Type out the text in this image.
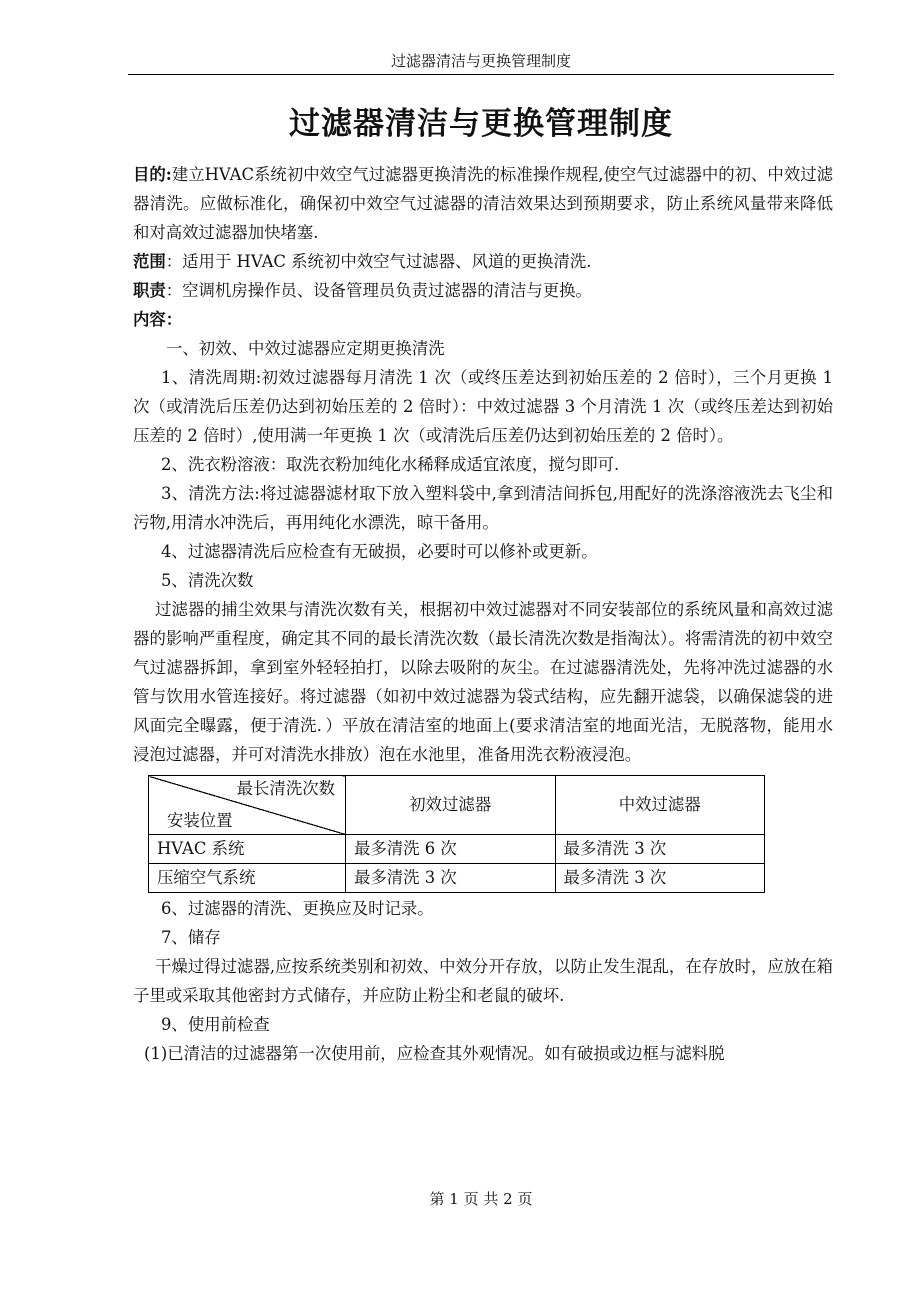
过滤器清洁与更换管理制度
过滤器清洁与更换管理制度

目的:建立HVAC系统初中效空气过滤器更换清洗的标准操作规程,使空气过滤器中的初、中效过滤器清洗。应做标准化，确保初中效空气过滤器的清洁效果达到预期要求，防止系统风量带来降低和对高效过滤器加快堵塞.

范围：适用于 HVAC 系统初中效空气过滤器、风道的更换清洗.

职责：空调机房操作员、设备管理员负责过滤器的清洁与更换。

内容：

一、初效、中效过滤器应定期更换清洗

1、清洗周期:初效过滤器每月清洗 1 次（或终压差达到初始压差的 2 倍时），三个月更换 1 次（或清洗后压差仍达到初始压差的 2 倍时）：中效过滤器 3 个月清洗 1 次（或终压差达到初始压差的 2 倍时）,使用满一年更换 1 次（或清洗后压差仍达到初始压差的 2 倍时）。

2、洗衣粉溶液：取洗衣粉加纯化水稀释成适宜浓度，搅匀即可.

3、清洗方法:将过滤器滤材取下放入塑料袋中,拿到清洁间拆包,用配好的洗涤溶液洗去飞尘和污物,用清水冲洗后，再用纯化水漂洗，晾干备用。

4、过滤器清洗后应检查有无破损，必要时可以修补或更新。

5、清洗次数

过滤器的捕尘效果与清洗次数有关，根据初中效过滤器对不同安装部位的系统风量和高效过滤器的影响严重程度，确定其不同的最长清洗次数（最长清洗次数是指淘汰）。将需清洗的初中效空气过滤器拆卸，拿到室外轻轻拍打，以除去吸附的灰尘。在过滤器清洗处，先将冲洗过滤器的水管与饮用水管连接好。将过滤器（如初中效过滤器为袋式结构，应先翻开滤袋，以确保滤袋的进风面完全曝露，便于清洗．）平放在清洁室的地面上(要求清洁室的地面光洁，无脱落物，能用水浸泡过滤器，并可对清洗水排放）泡在水池里，准备用洗衣粉液浸泡。

最长清洗次数
安装位置	初效过滤器	中效过滤器
HVAC 系统	最多清洗 6 次	最多清洗 3 次
压缩空气系统	最多清洗 3 次	最多清洗 3 次

6、过滤器的清洗、更换应及时记录。

7、储存

干燥过得过滤器,应按系统类别和初效、中效分开存放，以防止发生混乱，在存放时，应放在箱子里或采取其他密封方式储存，并应防止粉尘和老鼠的破坏.

9、使用前检查

(1)已清洁的过滤器第一次使用前，应检查其外观情况。如有破损或边框与滤料脱

第 1 页 共 2 页
